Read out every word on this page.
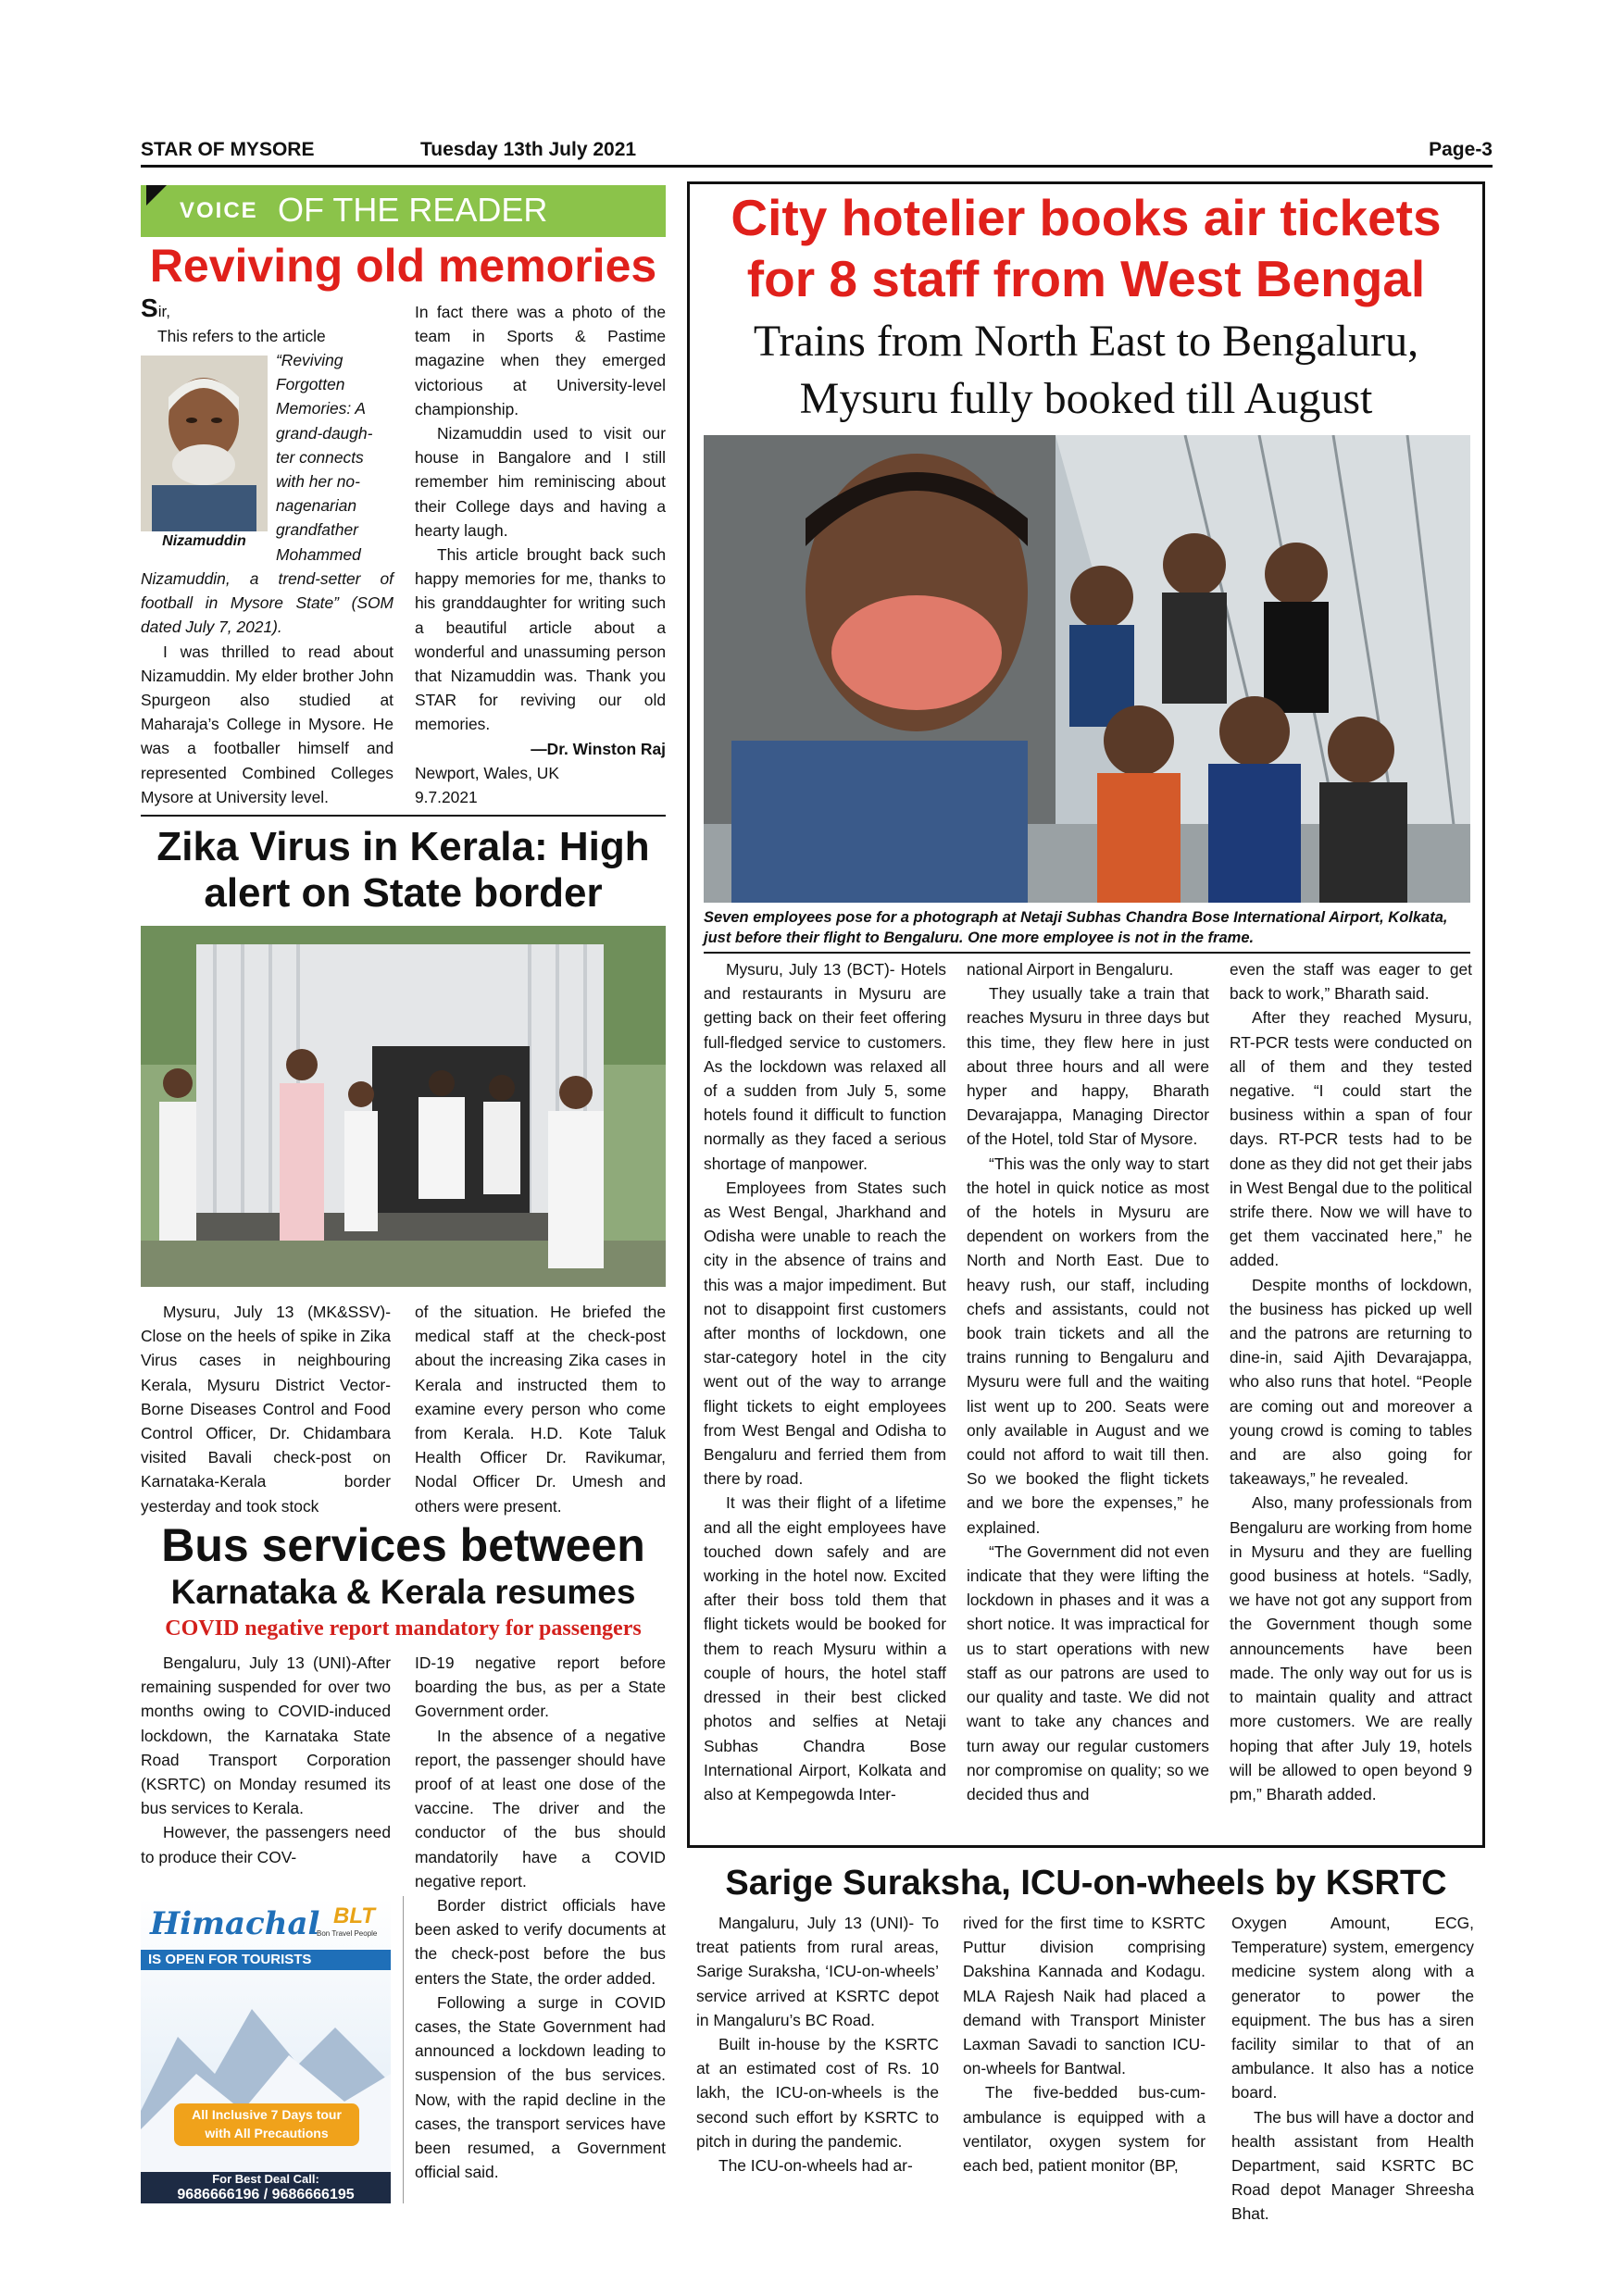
STAR OF MYSORE	Tuesday 13th July 2021	Page-3
VOICE OF THE READER
Reviving old memories
Sir,
Nizamuddin
This refers to the article
“Reviving
Forgotten
Memories: A
grand-daugh-
ter connects
with her no-
nagenarian
grandfather
Mohammed

Nizamuddin, a trend-setter of football in Mysore State” (SOM dated July 7, 2021).

I was thrilled to read about Nizamuddin. My elder brother John Spurgeon also studied at Maharaja’s College in Mysore. He was a footballer himself and represented Combined Colleges Mysore at University level.

In fact there was a photo of the team in Sports & Pastime magazine when they emerged victorious at University-level championship.

Nizamuddin used to visit our house in Bangalore and I still remember him reminiscing about their College days and having a hearty laugh.

This article brought back such happy memories for me, thanks to his granddaughter for writing such a beautiful article about a wonderful and unassuming person that Nizamuddin was. Thank you STAR for reviving our old memories.

—Dr. Winston Raj
Newport, Wales, UK
9.7.2021
Zika Virus in Kerala: High
alert on State border

Mysuru, July 13 (MK&SSV)- Close on the heels of spike in Zika Virus cases in neighbouring Kerala, Mysuru District Vector-Borne Diseases Control and Food Control Officer, Dr. Chidambara visited Bavali check-post on Karnataka-Kerala border yesterday and took stock

of the situation. He briefed the medical staff at the check-post about the increasing Zika cases in Kerala and instructed them to examine every person who come from Kerala. H.D. Kote Taluk Health Officer Dr. Ravikumar, Nodal Officer Dr. Umesh and others were present.

Bus services between
Karnataka & Kerala resumes
COVID negative report mandatory for passengers

Bengaluru, July 13 (UNI)-After remaining suspended for over two months owing to COVID-induced lockdown, the Karnataka State Road Transport Corporation (KSRTC) on Monday resumed its bus services to Kerala.

However, the passengers need to produce their COV-

ID-19 negative report before boarding the bus, as per a State Government order.

In the absence of a negative report, the passenger should have proof of at least one dose of the vaccine. The driver and the conductor of the bus should mandatorily have a COVID negative report.

Border district officials have been asked to verify documents at the check-post before the bus enters the State, the order added.

Following a surge in COVID cases, the State Government had announced a lockdown leading to suspension of the bus services. Now, with the rapid decline in the cases, the transport services have been resumed, a Government official said.

Himachal BLT
Bon Travel People
IS OPEN FOR TOURISTS
All Inclusive 7 Days tour
with All Precautions
For Best Deal Call:
9686666196 / 9686666195
City hotelier books air tickets
for 8 staff from West Bengal
Trains from North East to Bengaluru,
Mysuru fully booked till August

Seven employees pose for a photograph at Netaji Subhas Chandra Bose International Airport, Kolkata, just before their flight to Bengaluru. One more employee is not in the frame.

Mysuru, July 13 (BCT)- Hotels and restaurants in Mysuru are getting back on their feet offering full-fledged service to customers. As the lockdown was relaxed all of a sudden from July 5, some hotels found it difficult to function normally as they faced a serious shortage of manpower.

Employees from States such as West Bengal, Jharkhand and Odisha were unable to reach the city in the absence of trains and this was a major impediment. But not to disappoint first customers after months of lockdown, one star-category hotel in the city went out of the way to arrange flight tickets to eight employees from West Bengal and Odisha to Bengaluru and ferried them from there by road.

It was their flight of a lifetime and all the eight employees have touched down safely and are working in the hotel now. Excited after their boss told them that flight tickets would be booked for them to reach Mysuru within a couple of hours, the hotel staff dressed in their best clicked photos and selfies at Netaji Subhas Chandra Bose International Airport, Kolkata and also at Kempegowda Inter-

national Airport in Bengaluru.

They usually take a train that reaches Mysuru in three days but this time, they flew here in just about three hours and all were hyper and happy, Bharath Devarajappa, Managing Director of the Hotel, told Star of Mysore.

“This was the only way to start the hotel in quick notice as most of the hotels in Mysuru are dependent on workers from the North and North East. Due to heavy rush, our staff, including chefs and assistants, could not book train tickets and all the trains running to Bengaluru and Mysuru were full and the waiting list went up to 200. Seats were only available in August and we could not afford to wait till then. So we booked the flight tickets and we bore the expenses,” he explained.

“The Government did not even indicate that they were lifting the lockdown in phases and it was a short notice. It was impractical for us to start operations with new staff as our patrons are used to our quality and taste. We did not want to take any chances and turn away our regular customers nor compromise on quality; so we decided thus and

even the staff was eager to get back to work,” Bharath said.

After they reached Mysuru, RT-PCR tests were conducted on all of them and they tested negative. “I could start the business within a span of four days. RT-PCR tests had to be done as they did not get their jabs in West Bengal due to the political strife there. Now we will have to get them vaccinated here,” he added.

Despite months of lockdown, the business has picked up well and the patrons are returning to dine-in, said Ajith Devarajappa, who also runs that hotel. “People are coming out and moreover a young crowd is coming to tables and are also going for takeaways,” he revealed.

Also, many professionals from Bengaluru are working from home in Mysuru and they are fuelling good business at hotels. “Sadly, we have not got any support from the Government though some announcements have been made. The only way out for us is to maintain quality and attract more customers. We are really hoping that after July 19, hotels will be allowed to open beyond 9 pm,” Bharath added.

Sarige Suraksha, ICU-on-wheels by KSRTC

Mangaluru, July 13 (UNI)- To treat patients from rural areas, Sarige Suraksha, ‘ICU-on-wheels’ service arrived at KSRTC depot in Mangaluru’s BC Road.

Built in-house by the KSRTC at an estimated cost of Rs. 10 lakh, the ICU-on-wheels is the second such effort by KSRTC to pitch in during the pandemic.

The ICU-on-wheels had ar-

rived for the first time to KSRTC Puttur division comprising Dakshina Kannada and Kodagu. MLA Rajesh Naik had placed a demand with Transport Minister Laxman Savadi to sanction ICU-on-wheels for Bantwal.

The five-bedded bus-cum-ambulance is equipped with a ventilator, oxygen system for each bed, patient monitor (BP,

Oxygen Amount, ECG, Temperature) system, emergency medicine system along with a generator to power the equipment. The bus has a siren facility similar to that of an ambulance. It also has a notice board.

The bus will have a doctor and health assistant from Health Department, said KSRTC BC Road depot Manager Shreesha Bhat.
